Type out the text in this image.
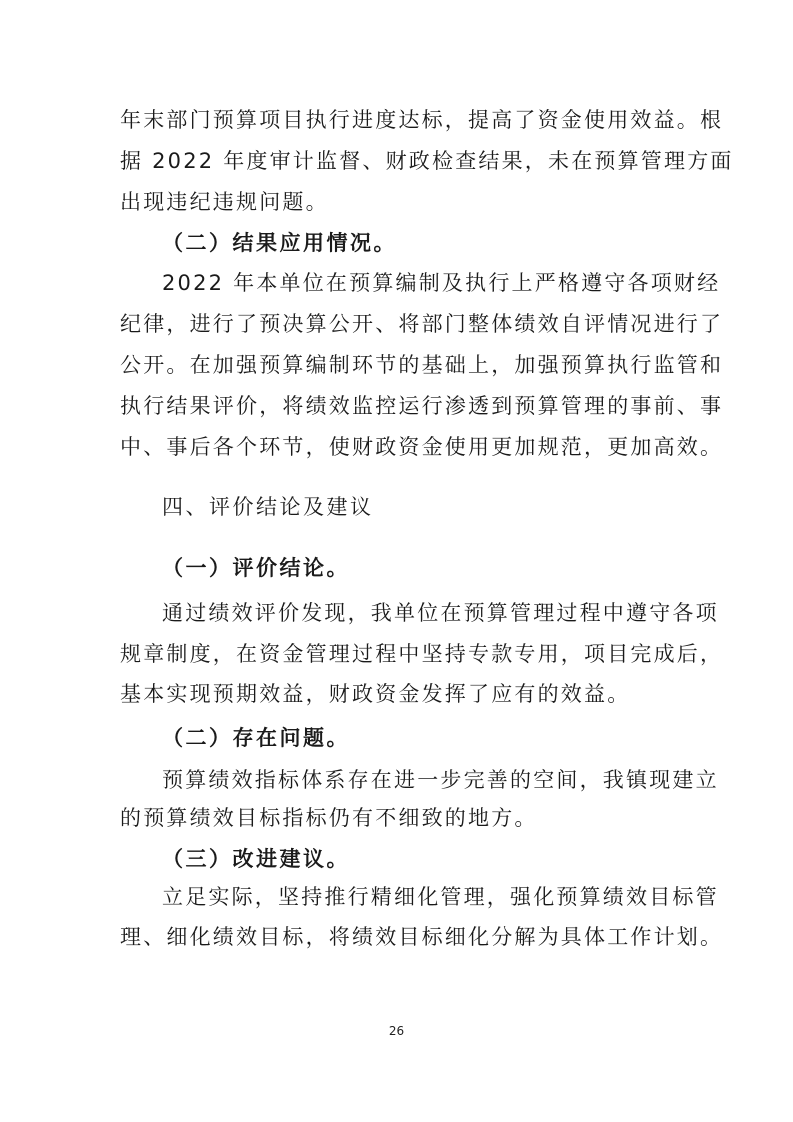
年末部门预算项目执行进度达标，提高了资金使用效益。根
据 2022 年度审计监督、财政检查结果，未在预算管理方面
出现违纪违规问题。
（二）结果应用情况。
2022 年本单位在预算编制及执行上严格遵守各项财经
纪律，进行了预决算公开、将部门整体绩效自评情况进行了
公开。在加强预算编制环节的基础上，加强预算执行监管和
执行结果评价，将绩效监控运行渗透到预算管理的事前、事
中、事后各个环节，使财政资金使用更加规范，更加高效。
四、评价结论及建议
（一）评价结论。
通过绩效评价发现，我单位在预算管理过程中遵守各项
规章制度，在资金管理过程中坚持专款专用，项目完成后，
基本实现预期效益，财政资金发挥了应有的效益。
（二）存在问题。
预算绩效指标体系存在进一步完善的空间，我镇现建立
的预算绩效目标指标仍有不细致的地方。
（三）改进建议。
立足实际，坚持推行精细化管理，强化预算绩效目标管
理、细化绩效目标，将绩效目标细化分解为具体工作计划。
26
